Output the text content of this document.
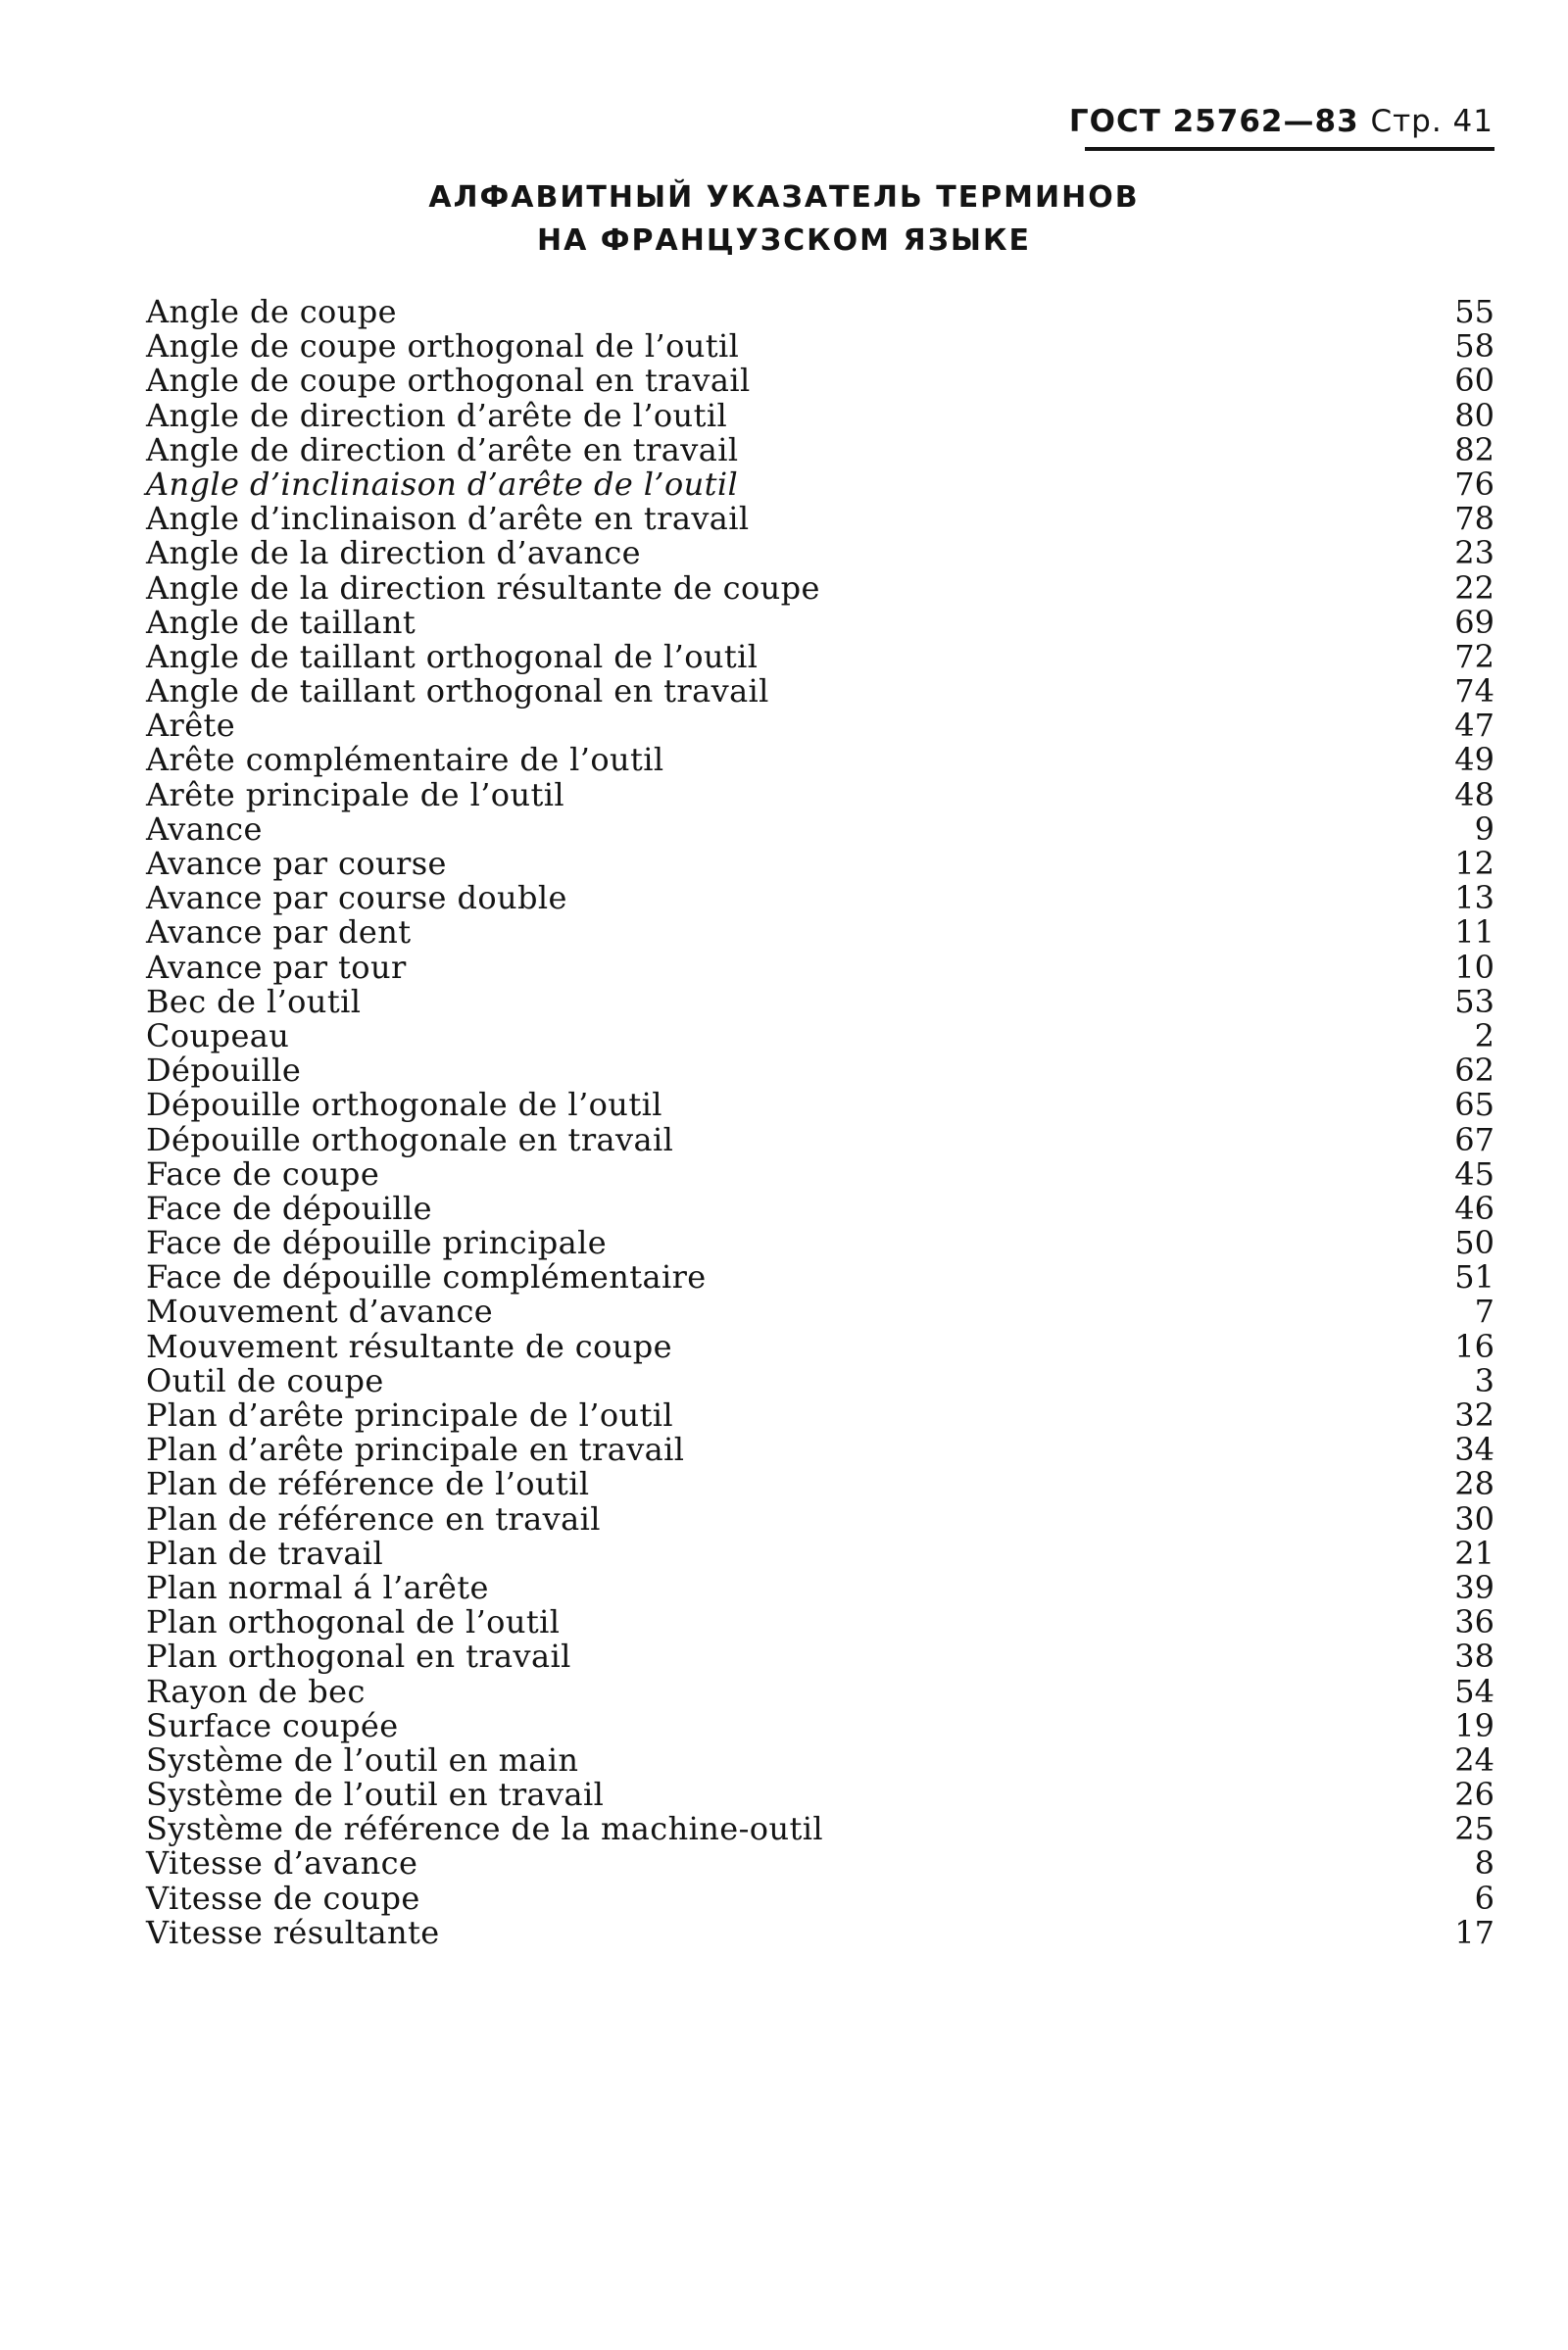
ГОСТ 25762—83 Стр. 41
АЛФАВИТНЫЙ УКАЗАТЕЛЬ ТЕРМИНОВ
НА ФРАНЦУЗСКОМ ЯЗЫКЕ
Angle de coupe	55
Angle de coupe orthogonal de l’outil	58
Angle de coupe orthogonal en travail	60
Angle de direction d’arête de l’outil	80
Angle de direction d’arête en travail	82
Angle d’inclinaison d’arête de l’outil	76
Angle d’inclinaison d’arête en travail	78
Angle de la direction d’avance	23
Angle de la direction résultante de coupe	22
Angle de taillant	69
Angle de taillant orthogonal de l’outil	72
Angle de taillant orthogonal en travail	74
Arête	47
Arête complémentaire de l’outil	49
Arête principale de l’outil	48
Avance	9
Avance par course	12
Avance par course double	13
Avance par dent	11
Avance par tour	10
Bec de l’outil	53
Coupeau	2
Dépouille	62
Dépouille orthogonale de l’outil	65
Dépouille orthogonale en travail	67
Face de coupe	45
Face de dépouille	46
Face de dépouille principale	50
Face de dépouille complémentaire	51
Mouvement d’avance	7
Mouvement résultante de coupe	16
Outil de coupe	3
Plan d’arête principale de l’outil	32
Plan d’arête principale en travail	34
Plan de référence de l’outil	28
Plan de référence en travail	30
Plan de travail	21
Plan normal á l’arête	39
Plan orthogonal de l’outil	36
Plan orthogonal en travail	38
Rayon de bec	54
Surface coupée	19
Système de l’outil en main	24
Système de l’outil en travail	26
Système de référence de la machine-outil	25
Vitesse d’avance	8
Vitesse de coupe	6
Vitesse résultante	17
